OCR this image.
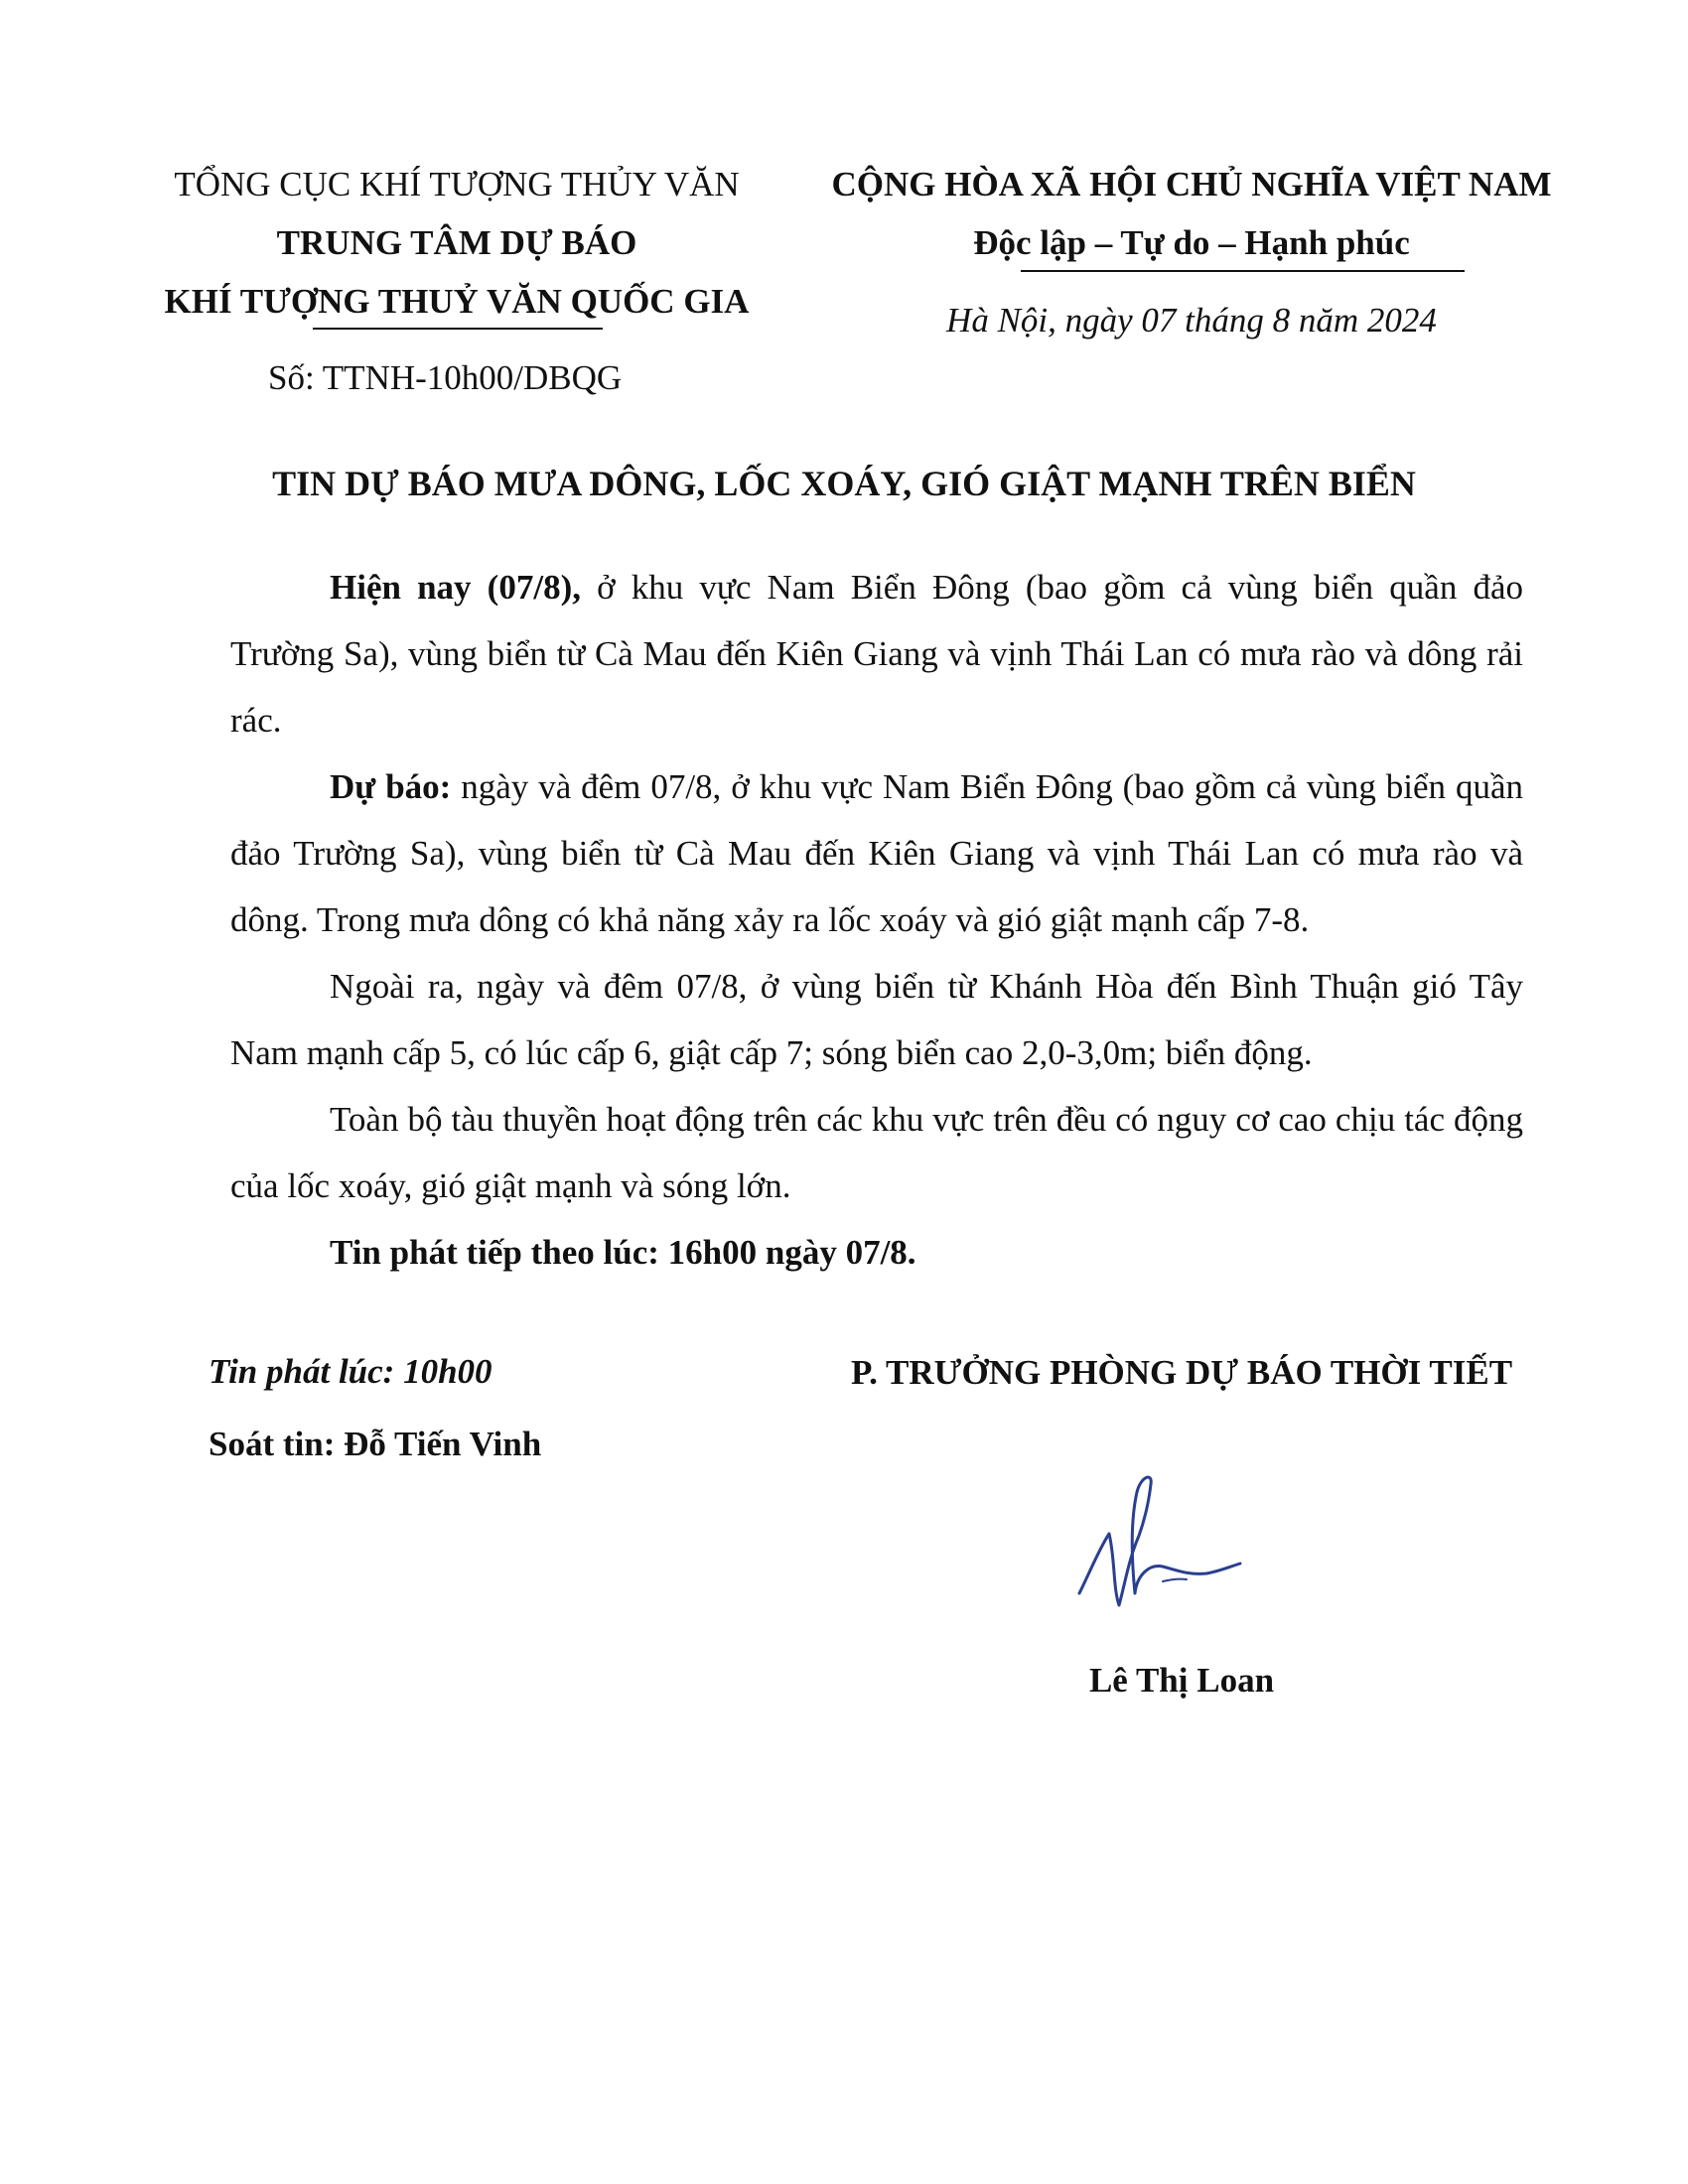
TỔNG CỤC KHÍ TƯỢNG THỦY VĂN
TRUNG TÂM DỰ BÁO
KHÍ TƯỢNG THUỶ VĂN QUỐC GIA
Số: TTNH-10h00/DBQG
CỘNG HÒA XÃ HỘI CHỦ NGHĨA VIỆT NAM
Độc lập – Tự do – Hạnh phúc
Hà Nội, ngày 07 tháng 8 năm 2024
TIN DỰ BÁO MƯA DÔNG, LỐC XOÁY, GIÓ GIẬT MẠNH TRÊN BIỂN

Hiện nay (07/8), ở khu vực Nam Biển Đông (bao gồm cả vùng biển quần đảo Trường Sa), vùng biển từ Cà Mau đến Kiên Giang và vịnh Thái Lan có mưa rào và dông rải rác.

Dự báo: ngày và đêm 07/8, ở khu vực Nam Biển Đông (bao gồm cả vùng biển quần đảo Trường Sa), vùng biển từ Cà Mau đến Kiên Giang và vịnh Thái Lan có mưa rào và dông. Trong mưa dông có khả năng xảy ra lốc xoáy và gió giật mạnh cấp 7-8.

Ngoài ra, ngày và đêm 07/8, ở vùng biển từ Khánh Hòa đến Bình Thuận gió Tây Nam mạnh cấp 5, có lúc cấp 6, giật cấp 7; sóng biển cao 2,0-3,0m; biển động.

Toàn bộ tàu thuyền hoạt động trên các khu vực trên đều có nguy cơ cao chịu tác động của lốc xoáy, gió giật mạnh và sóng lớn.

Tin phát tiếp theo lúc: 16h00 ngày 07/8.

Tin phát lúc: 10h00
Soát tin: Đỗ Tiến Vinh
P. TRƯỞNG PHÒNG DỰ BÁO THỜI TIẾT
Lê Thị Loan
